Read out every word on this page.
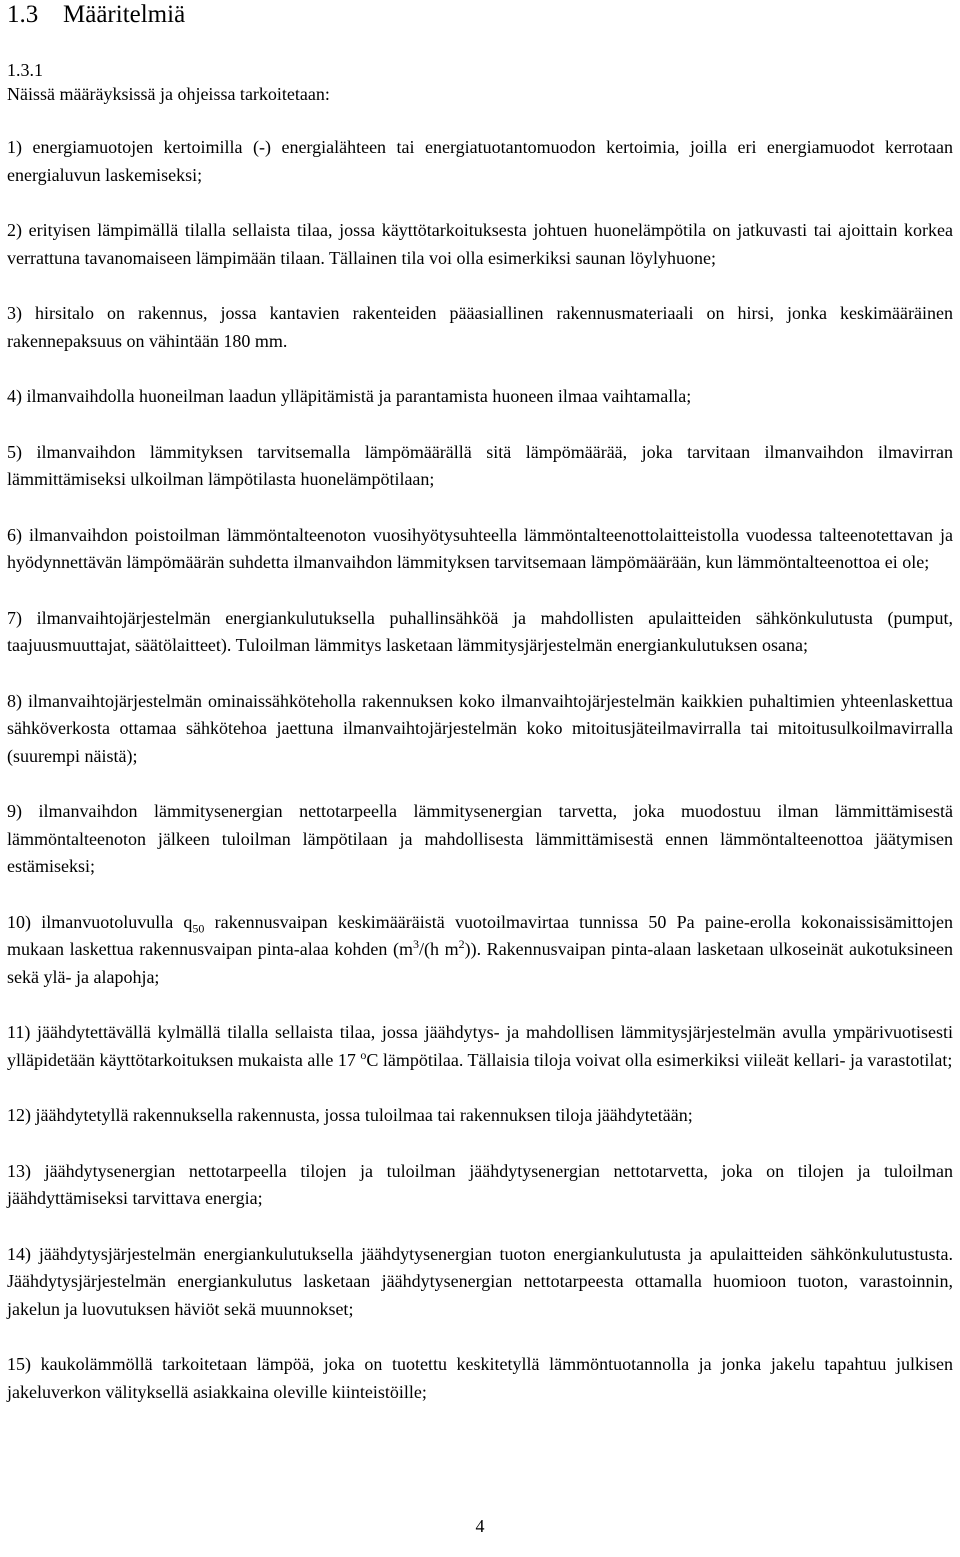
1.3 Määritelmiä
1.3.1
Näissä määräyksissä ja ohjeissa tarkoitetaan:

1) energiamuotojen kertoimilla (-) energialähteen tai energiatuotantomuodon kertoimia, joilla eri energiamuodot kerrotaan energialuvun laskemiseksi;

2) erityisen lämpimällä tilalla sellaista tilaa, jossa käyttötarkoituksesta johtuen huonelämpötila on jatkuvasti tai ajoittain korkea verrattuna tavanomaiseen lämpimään tilaan. Tällainen tila voi olla esimerkiksi saunan löylyhuone;

3) hirsitalo on rakennus, jossa kantavien rakenteiden pääasiallinen rakennusmateriaali on hirsi, jonka keskimääräinen rakennepaksuus on vähintään 180 mm.

4) ilmanvaihdolla huoneilman laadun ylläpitämistä ja parantamista huoneen ilmaa vaihtamalla;

5) ilmanvaihdon lämmityksen tarvitsemalla lämpömäärällä sitä lämpömäärää, joka tarvitaan ilmanvaihdon ilmavirran lämmittämiseksi ulkoilman lämpötilasta huonelämpötilaan;

6) ilmanvaihdon poistoilman lämmöntalteenoton vuosihyötysuhteella lämmöntalteenottolaitteistolla vuodessa talteenotettavan ja hyödynnettävän lämpömäärän suhdetta ilmanvaihdon lämmityksen tarvitsemaan lämpömäärään, kun lämmöntalteenottoa ei ole;

7) ilmanvaihtojärjestelmän energiankulutuksella puhallinsähköä ja mahdollisten apulaitteiden sähkönkulutusta (pumput, taajuusmuuttajat, säätölaitteet). Tuloilman lämmitys lasketaan lämmitysjärjestelmän energiankulutuksen osana;

8) ilmanvaihtojärjestelmän ominaissähköteholla rakennuksen koko ilmanvaihtojärjestelmän kaikkien puhaltimien yhteenlaskettua sähköverkosta ottamaa sähkötehoa jaettuna ilmanvaihtojärjestelmän koko mitoitusjäteilmavirralla tai mitoitusulkoilmavirralla (suurempi näistä);

9) ilmanvaihdon lämmitysenergian nettotarpeella lämmitysenergian tarvetta, joka muodostuu ilman lämmittämisestä lämmöntalteenoton jälkeen tuloilman lämpötilaan ja mahdollisesta lämmittämisestä ennen lämmöntalteenottoa jäätymisen estämiseksi;

10) ilmanvuotoluvulla $q_{50}$ rakennusvaipan keskimääräistä vuotoilmavirtaa tunnissa 50 Pa paine-erolla kokonaissisämittojen mukaan laskettua rakennusvaipan pinta-alaa kohden ($m^3/(h$ $m^2$)). Rakennusvaipan pinta-alaan lasketaan ulkoseinät aukotuksineen sekä ylä- ja alapohja;

11) jäähdytettävällä kylmällä tilalla sellaista tilaa, jossa jäähdytys- ja mahdollisen lämmitysjärjestelmän avulla ympärivuotisesti ylläpidetään käyttötarkoituksen mukaista alle 17 $^o$C lämpötilaa. Tällaisia tiloja voivat olla esimerkiksi viileät kellari- ja varastotilat;

12) jäähdytetyllä rakennuksella rakennusta, jossa tuloilmaa tai rakennuksen tiloja jäähdytetään;

13) jäähdytysenergian nettotarpeella tilojen ja tuloilman jäähdytysenergian nettotarvetta, joka on tilojen ja tuloilman jäähdyttämiseksi tarvittava energia;

14) jäähdytysjärjestelmän energiankulutuksella jäähdytysenergian tuoton energiankulutusta ja apulaitteiden sähkönkulutustusta. Jäähdytysjärjestelmän energiankulutus lasketaan jäähdytysenergian nettotarpeesta ottamalla huomioon tuoton, varastoinnin, jakelun ja luovutuksen häviöt sekä muunnokset;

15) kaukolämmöllä tarkoitetaan lämpöä, joka on tuotettu keskitetyllä lämmöntuotannolla ja jonka jakelu tapahtuu julkisen jakeluverkon välityksellä asiakkaina oleville kiinteistöille;

4
